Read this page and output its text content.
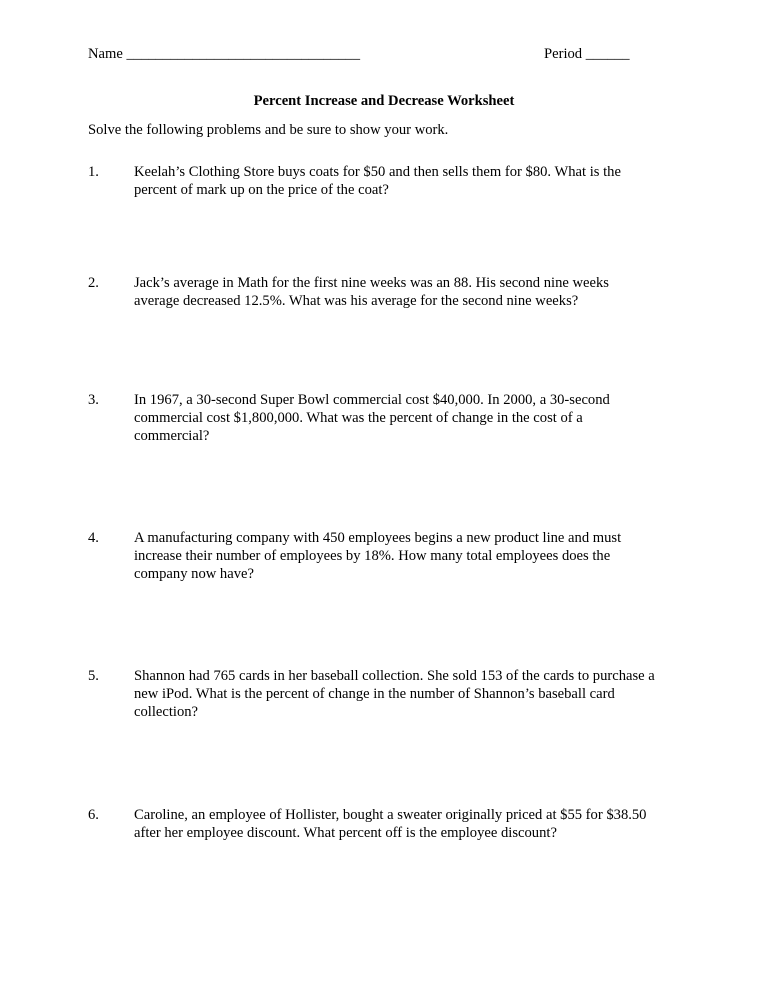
Name ________________________________	Period ______
Percent Increase and Decrease Worksheet
Solve the following problems and be sure to show your work.
1.	Keelah’s Clothing Store buys coats for $50 and then sells them for $80. What is the
percent of mark up on the price of the coat?
2.	Jack’s average in Math for the first nine weeks was an 88. His second nine weeks
average decreased 12.5%. What was his average for the second nine weeks?
3.	In 1967, a 30-second Super Bowl commercial cost $40,000. In 2000, a 30-second
commercial cost $1,800,000. What was the percent of change in the cost of a
commercial?
4.	A manufacturing company with 450 employees begins a new product line and must
increase their number of employees by 18%. How many total employees does the
company now have?
5.	Shannon had 765 cards in her baseball collection. She sold 153 of the cards to purchase a
new iPod. What is the percent of change in the number of Shannon’s baseball card
collection?
6.	Caroline, an employee of Hollister, bought a sweater originally priced at $55 for $38.50
after her employee discount. What percent off is the employee discount?
